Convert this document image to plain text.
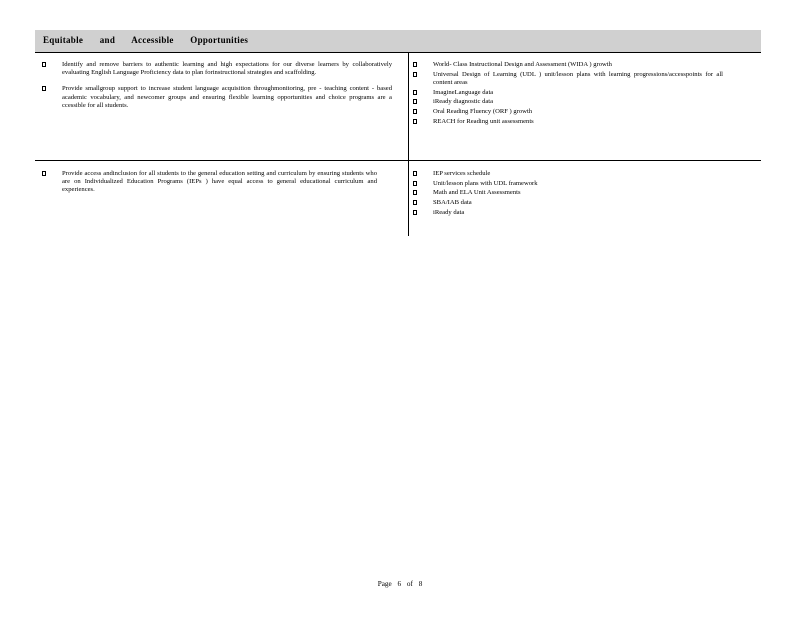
Equitable and Accessible Opportunities

Identify and remove barriers to authentic learning and high expectations for our diverse learners by collaboratively evaluating English Language Proficiency data to plan forinstructional strategies and scaffolding.

Provide smallgroup support to increase student language acquisition throughmonitoring, pre - teaching content - based academic vocabulary, and newcomer groups and ensuring flexible learning opportunities and choice programs are a ccessible for all students.

World- Class Instructional Design and Assessment (WIDA ) growth

Universal Design of Learning (UDL ) unit/lesson plans with learning progressions/accesspoints for all content areas

ImagineLanguage data

iReady diagnostic data

Oral Reading Fluency (ORF ) growth

REACH for Reading unit assessments

Provide access andinclusion for all students to the general education setting and curriculum by ensuring students who are on Individualized Education Programs (IEPs ) have equal access to general educational curriculum and experiences.

IEP services schedule

Unit/lesson plans with UDL framework

Math and ELA Unit Assessments

SBA/IAB data

iReady data

Page 6 of 8
